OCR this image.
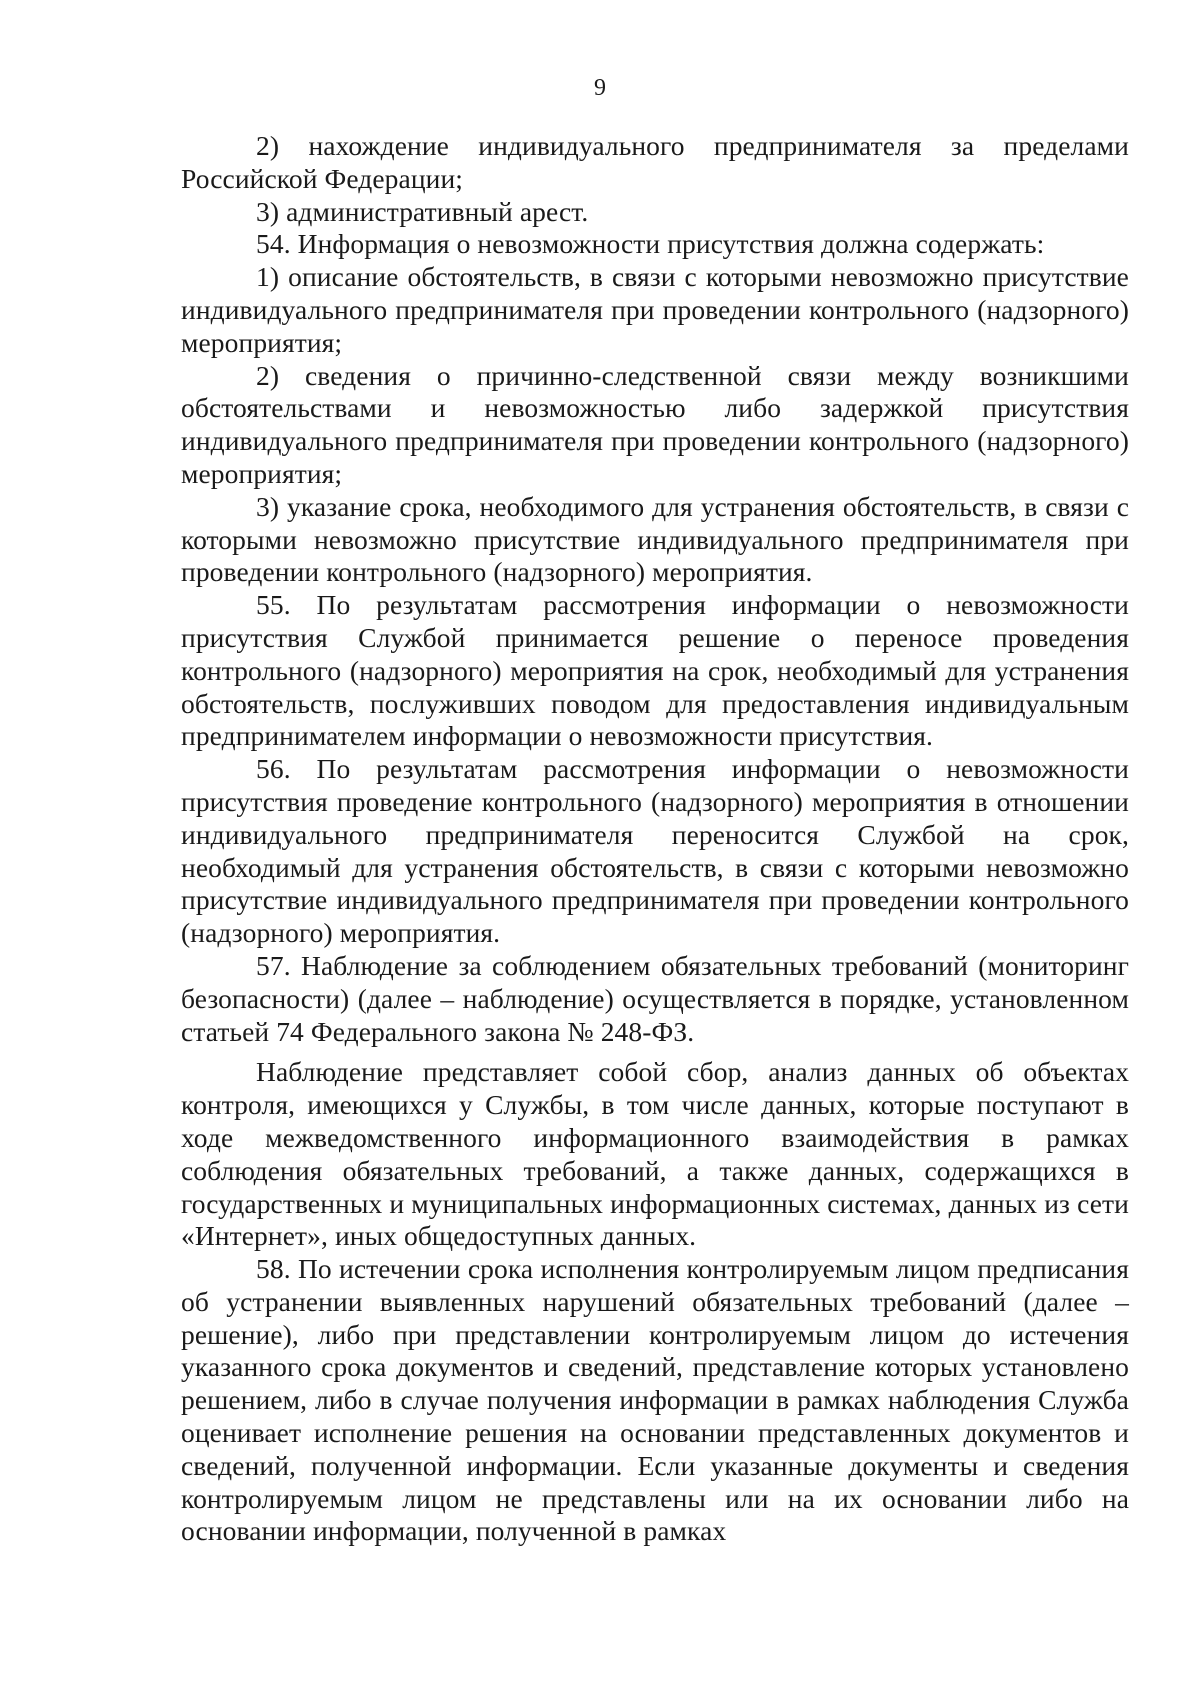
9

2) нахождение индивидуального предпринимателя за пределами Российской Федерации;

3) административный арест.

54. Информация о невозможности присутствия должна содержать:

1) описание обстоятельств, в связи с которыми невозможно присутствие индивидуального предпринимателя при проведении контрольного (надзорного) мероприятия;

2) сведения о причинно-следственной связи между возникшими обстоятельствами и невозможностью либо задержкой присутствия индивидуального предпринимателя при проведении контрольного (надзорного) мероприятия;

3) указание срока, необходимого для устранения обстоятельств, в связи с которыми невозможно присутствие индивидуального предпринимателя при проведении контрольного (надзорного) мероприятия.

55. По результатам рассмотрения информации о невозможности присутствия Службой принимается решение о переносе проведения контрольного (надзорного) мероприятия на срок, необходимый для устранения обстоятельств, послуживших поводом для предоставления индивидуальным предпринимателем информации о невозможности присутствия.

56. По результатам рассмотрения информации о невозможности присутствия проведение контрольного (надзорного) мероприятия в отношении индивидуального предпринимателя переносится Службой на срок, необходимый для устранения обстоятельств, в связи с которыми невозможно присутствие индивидуального предпринимателя при проведении контрольного (надзорного) мероприятия.

57. Наблюдение за соблюдением обязательных требований (мониторинг безопасности) (далее – наблюдение) осуществляется в порядке, установленном статьей 74 Федерального закона № 248-ФЗ.

Наблюдение представляет собой сбор, анализ данных об объектах контроля, имеющихся у Службы, в том числе данных, которые поступают в ходе межведомственного информационного взаимодействия в рамках соблюдения обязательных требований, а также данных, содержащихся в государственных и муниципальных информационных системах, данных из сети «Интернет», иных общедоступных данных.

58. По истечении срока исполнения контролируемым лицом предписания об устранении выявленных нарушений обязательных требований (далее – решение), либо при представлении контролируемым лицом до истечения указанного срока документов и сведений, представление которых установлено решением, либо в случае получения информации в рамках наблюдения Служба оценивает исполнение решения на основании представленных документов и сведений, полученной информации. Если указанные документы и сведения контролируемым лицом не представлены или на их основании либо на основании информации, полученной в рамках
